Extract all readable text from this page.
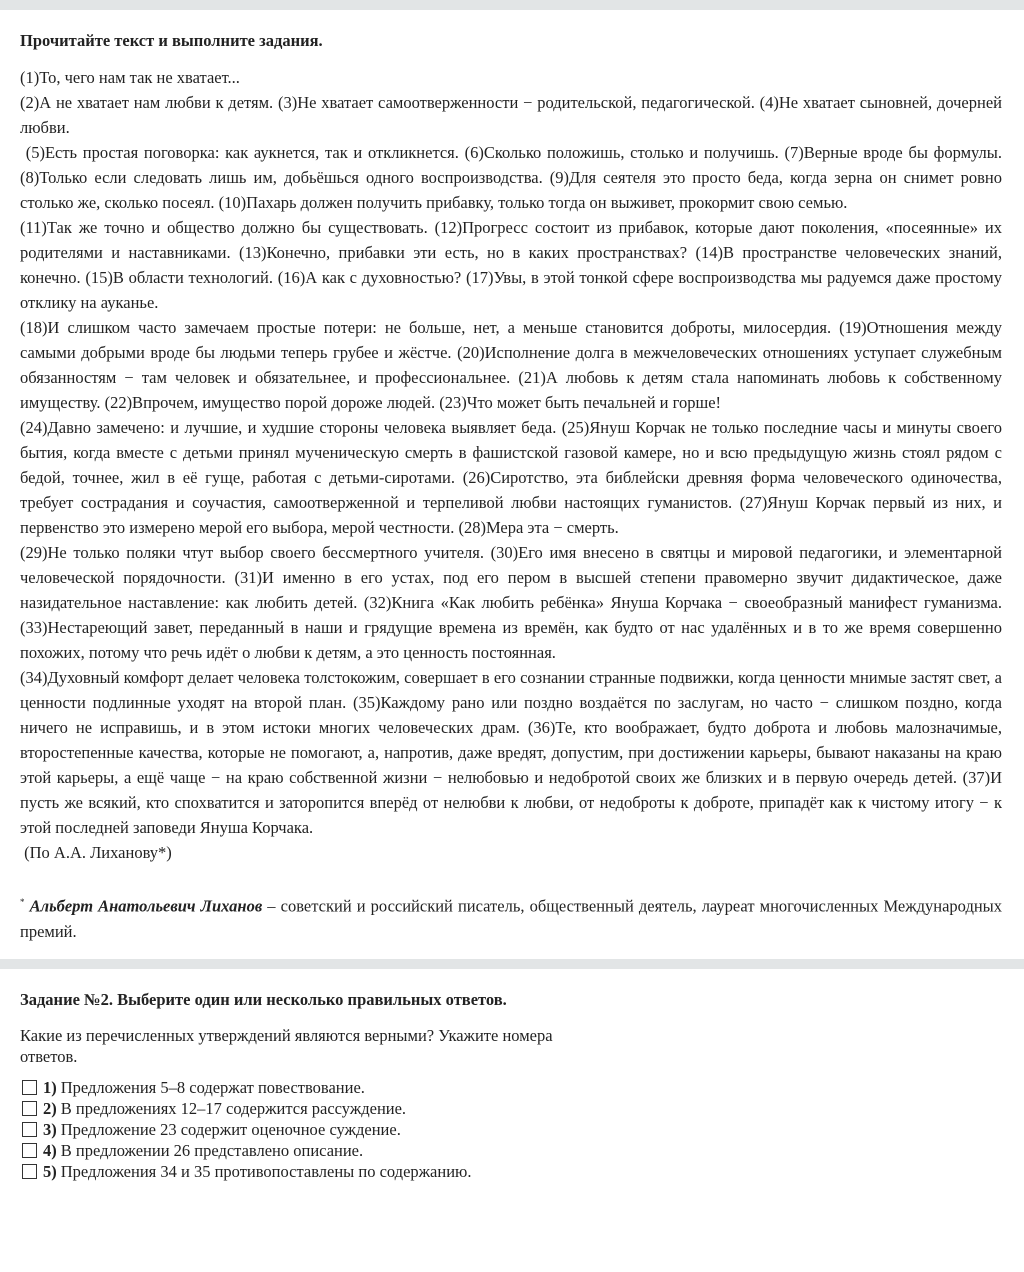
Прочитайте текст и выполните задания.

(1)То, чего нам так не хватает...

(2)А не хватает нам любви к детям. (3)Не хватает самоотверженности − родительской, педагогической. (4)Не хватает сыновней, дочерней любви.

(5)Есть простая поговорка: как аукнется, так и откликнется. (6)Сколько положишь, столько и получишь. (7)Верные вроде бы формулы. (8)Только если следовать лишь им, добьёшься одного воспроизводства. (9)Для сеятеля это просто беда, когда зерна он снимет ровно столько же, сколько посеял. (10)Пахарь должен получить прибавку, только тогда он выживет, прокормит свою семью.

(11)Так же точно и общество должно бы существовать. (12)Прогресс состоит из прибавок, которые дают поколения, «посеянные» их родителями и наставниками. (13)Конечно, прибавки эти есть, но в каких пространствах? (14)В пространстве человеческих знаний, конечно. (15)В области технологий. (16)А как с духовностью? (17)Увы, в этой тонкой сфере воспроизводства мы радуемся даже простому отклику на ауканье.

(18)И слишком часто замечаем простые потери: не больше, нет, а меньше становится доброты, милосердия. (19)Отношения между самыми добрыми вроде бы людьми теперь грубее и жёстче. (20)Исполнение долга в межчеловеческих отношениях уступает служебным обязанностям − там человек и обязательнее, и профессиональнее. (21)А любовь к детям стала напоминать любовь к собственному имуществу. (22)Впрочем, имущество порой дороже людей. (23)Что может быть печальней и горше!

(24)Давно замечено: и лучшие, и худшие стороны человека выявляет беда. (25)Януш Корчак не только последние часы и минуты своего бытия, когда вместе с детьми принял мученическую смерть в фашистской газовой камере, но и всю предыдущую жизнь стоял рядом с бедой, точнее, жил в её гуще, работая с детьми-сиротами. (26)Сиротство, эта библейски древняя форма человеческого одиночества, требует сострадания и соучастия, самоотверженной и терпеливой любви настоящих гуманистов. (27)Януш Корчак первый из них, и первенство это измерено мерой его выбора, мерой честности. (28)Мера эта − смерть.

(29)Не только поляки чтут выбор своего бессмертного учителя. (30)Его имя внесено в святцы и мировой педагогики, и элементарной человеческой порядочности. (31)И именно в его устах, под его пером в высшей степени правомерно звучит дидактическое, даже назидательное наставление: как любить детей. (32)Книга «Как любить ребёнка» Януша Корчака − своеобразный манифест гуманизма. (33)Нестареющий завет, переданный в наши и грядущие времена из времён, как будто от нас удалённых и в то же время совершенно похожих, потому что речь идёт о любви к детям, а это ценность постоянная.

(34)Духовный комфорт делает человека толстокожим, совершает в его сознании странные подвижки, когда ценности мнимые застят свет, а ценности подлинные уходят на второй план. (35)Каждому рано или поздно воздаётся по заслугам, но часто − слишком поздно, когда ничего не исправишь, и в этом истоки многих человеческих драм. (36)Те, кто воображает, будто доброта и любовь малозначимые, второстепенные качества, которые не помогают, а, напротив, даже вредят, допустим, при достижении карьеры, бывают наказаны на краю этой карьеры, а ещё чаще − на краю собственной жизни − нелюбовью и недобротой своих же близких и в первую очередь детей. (37)И пусть же всякий, кто спохватится и заторопится вперёд от нелюбви к любви, от недоброты к доброте, припадёт как к чистому итогу − к этой последней заповеди Януша Корчака.

(По А.А. Лиханову*)

* Альберт Анатольевич Лиханов – советский и российский писатель, общественный деятель, лауреат многочисленных Международных премий.
Задание №2. Выберите один или несколько правильных ответов.
Какие из перечисленных утверждений являются верными? Укажите номера ответов.
1) Предложения 5–8 содержат повествование.
2) В предложениях 12–17 содержится рассуждение.
3) Предложение 23 содержит оценочное суждение.
4) В предложении 26 представлено описание.
5) Предложения 34 и 35 противопоставлены по содержанию.
